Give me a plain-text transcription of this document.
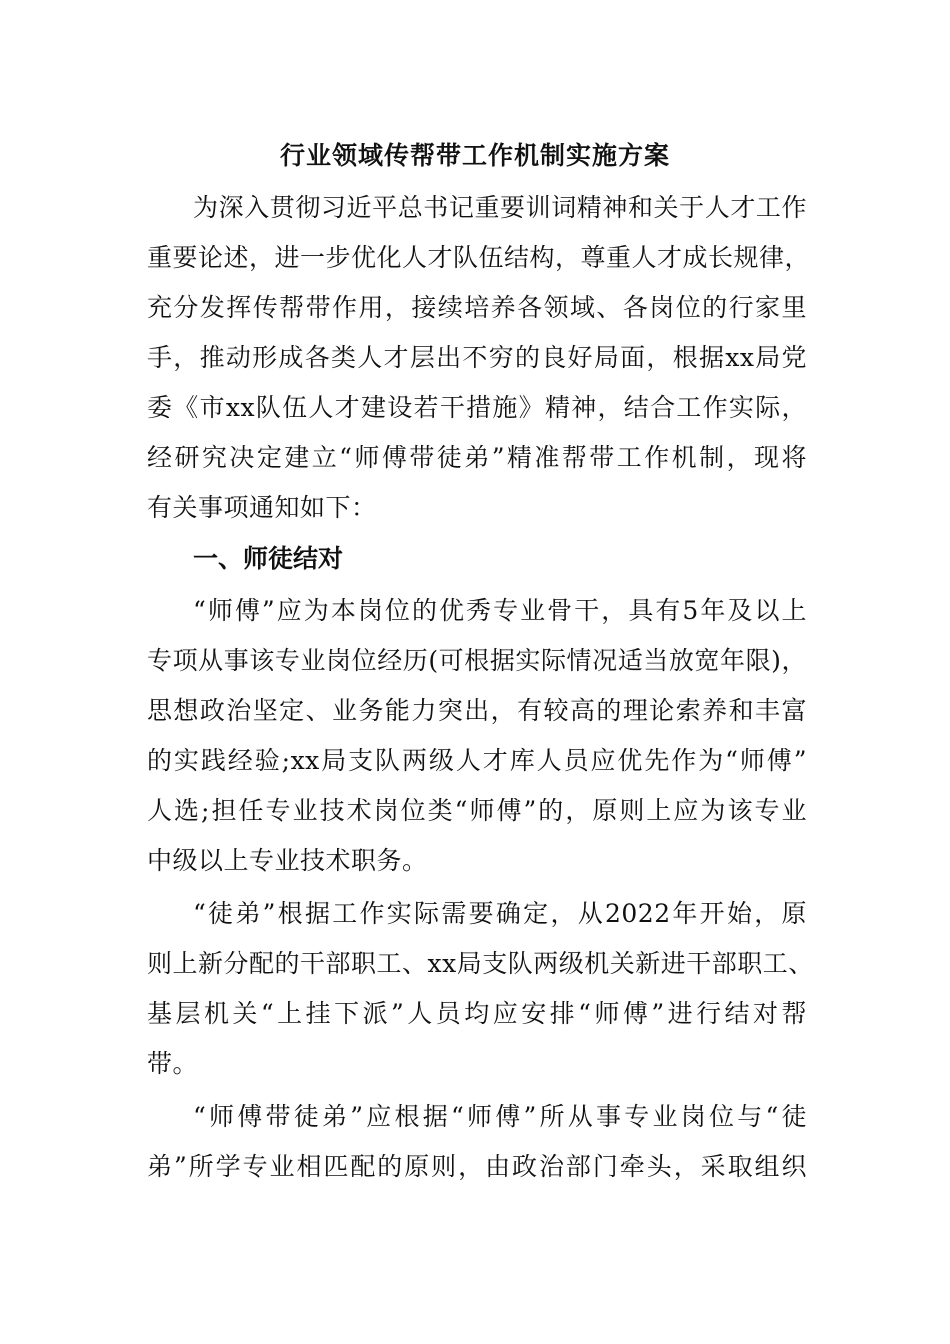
行业领域传帮带工作机制实施方案
为深入贯彻习近平总书记重要训词精神和关于人才工作
重要论述，进一步优化人才队伍结构，尊重人才成长规律，
充分发挥传帮带作用，接续培养各领域、各岗位的行家里
手，推动形成各类人才层出不穷的良好局面，根据xx局党
委《市xx队伍人才建设若干措施》精神，结合工作实际，
经研究决定建立“师傅带徒弟”精准帮带工作机制，现将
有关事项通知如下：
一、师徒结对
“师傅”应为本岗位的优秀专业骨干，具有5年及以上
专项从事该专业岗位经历(可根据实际情况适当放宽年限)，
思想政治坚定、业务能力突出，有较高的理论索养和丰富
的实践经验;xx局支队两级人才库人员应优先作为“师傅”
人选;担任专业技术岗位类“师傅”的，原则上应为该专业
中级以上专业技术职务。
“徒弟”根据工作实际需要确定，从2022年开始，原
则上新分配的干部职工、xx局支队两级机关新进干部职工、
基层机关“上挂下派”人员均应安排“师傅”进行结对帮
带。
“师傅带徒弟”应根据“师傅”所从事专业岗位与“徒
弟”所学专业相匹配的原则，由政治部门牵头，采取组织
